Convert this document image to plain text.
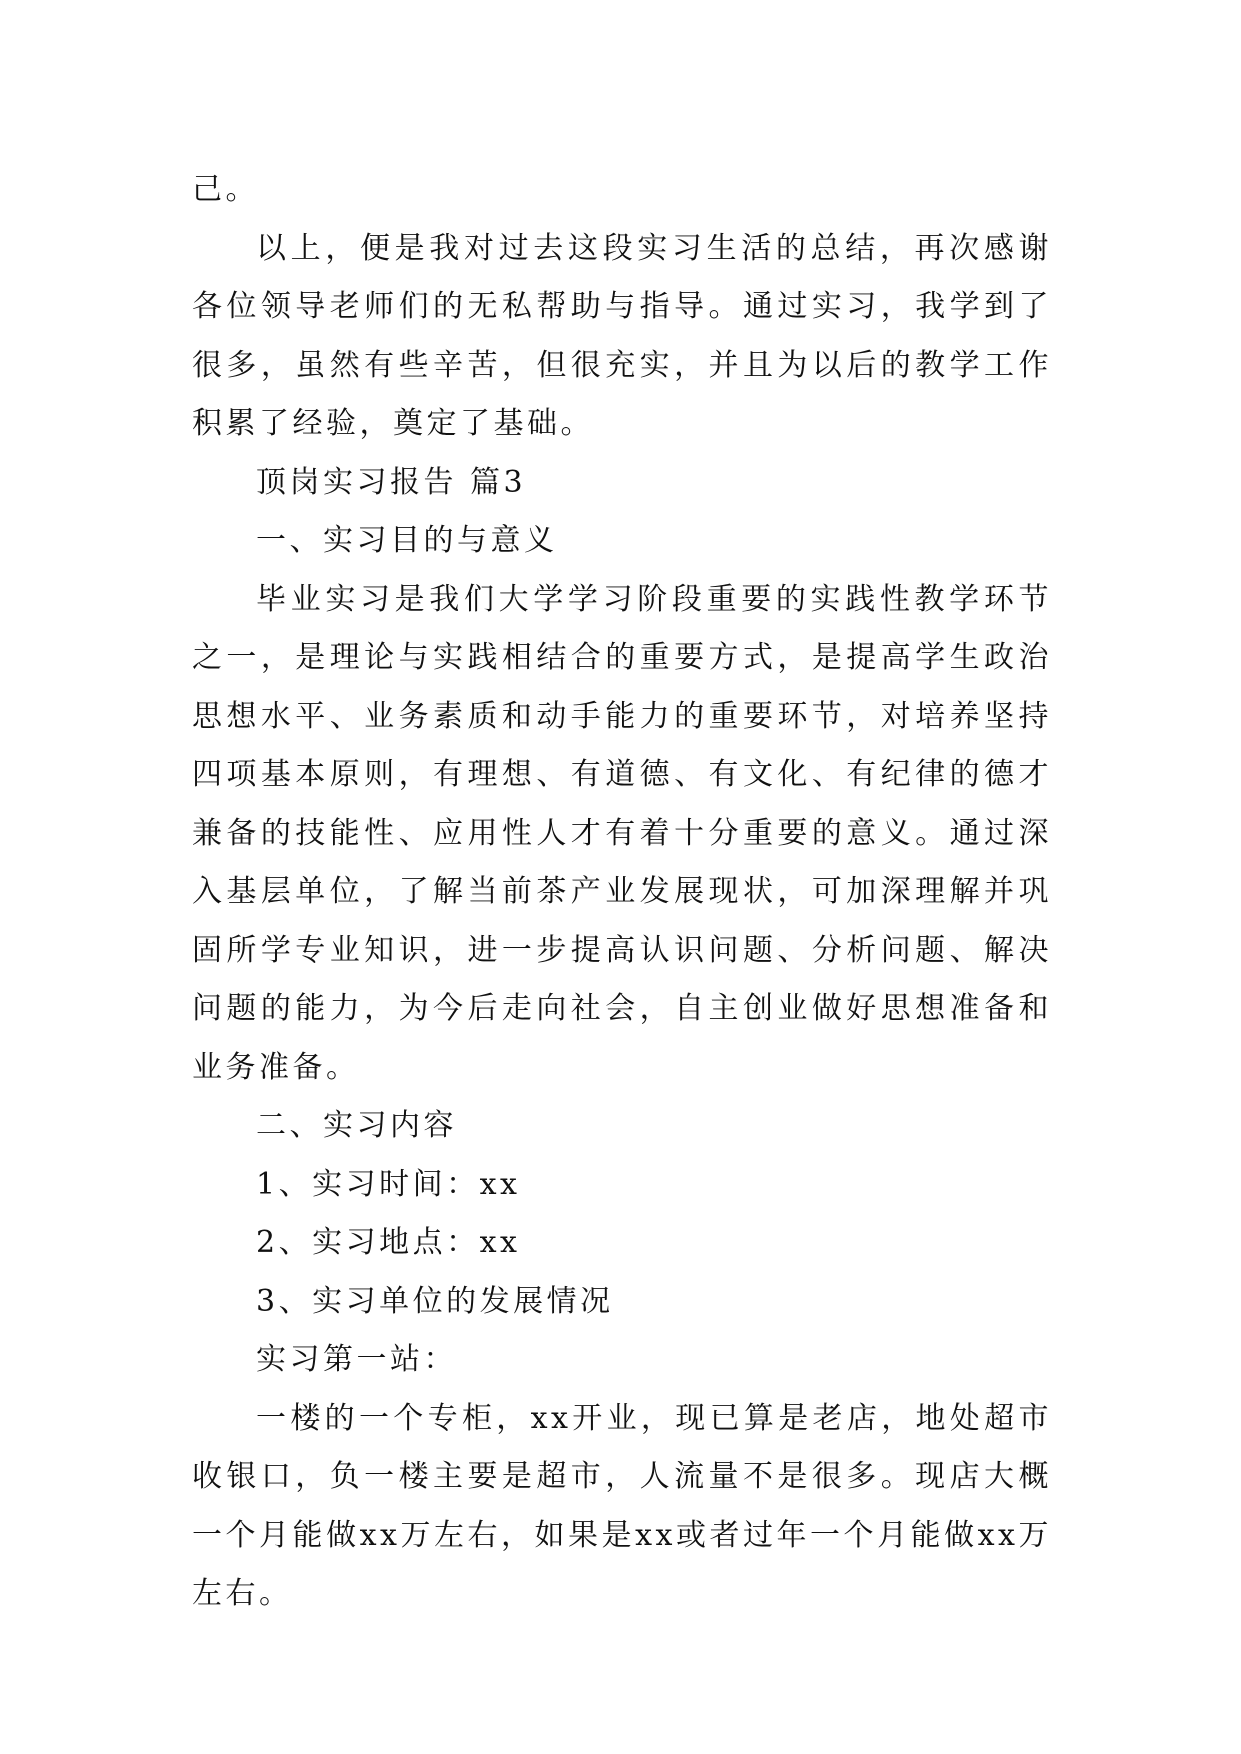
己。

以上，便是我对过去这段实习生活的总结，再次感谢各位领导老师们的无私帮助与指导。通过实习，我学到了很多，虽然有些辛苦，但很充实，并且为以后的教学工作积累了经验，奠定了基础。

顶岗实习报告 篇3

一、实习目的与意义

毕业实习是我们大学学习阶段重要的实践性教学环节之一，是理论与实践相结合的重要方式，是提高学生政治思想水平、业务素质和动手能力的重要环节，对培养坚持四项基本原则，有理想、有道德、有文化、有纪律的德才兼备的技能性、应用性人才有着十分重要的意义。通过深入基层单位，了解当前茶产业发展现状，可加深理解并巩固所学专业知识，进一步提高认识问题、分析问题、解决问题的能力，为今后走向社会，自主创业做好思想准备和业务准备。

二、实习内容

1、实习时间：xx

2、实习地点：xx

3、实习单位的发展情况

实习第一站：

一楼的一个专柜，xx开业，现已算是老店，地处超市收银口，负一楼主要是超市，人流量不是很多。现店大概一个月能做xx万左右，如果是xx或者过年一个月能做xx万左右。
